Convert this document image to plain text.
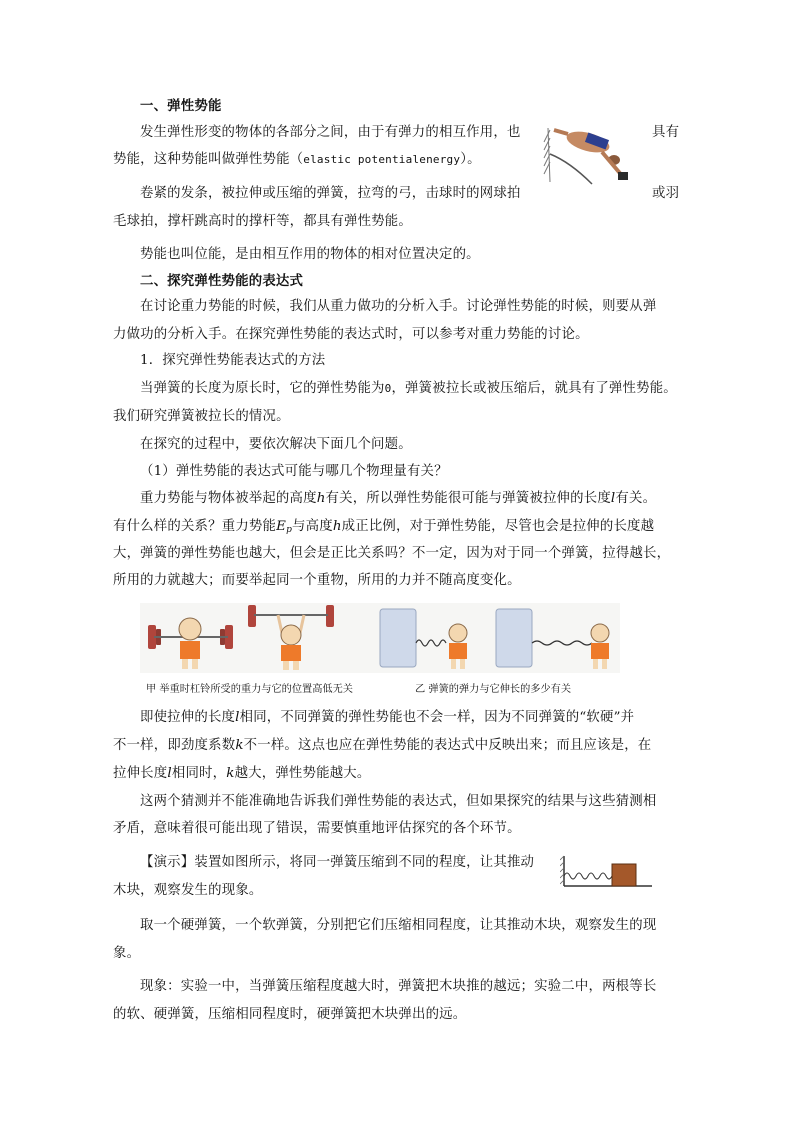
一、弹性势能
发生弹性形变的物体的各部分之间，由于有弹力的相互作用，也	具有
势能，这种势能叫做弹性势能（elastic potentialenergy）。
卷紧的发条，被拉伸或压缩的弹簧，拉弯的弓，击球时的网球拍	或羽
毛球拍，撑杆跳高时的撑杆等，都具有弹性势能。
势能也叫位能，是由相互作用的物体的相对位置决定的。
二、探究弹性势能的表达式
在讨论重力势能的时候，我们从重力做功的分析入手。讨论弹性势能的时候，则要从弹
力做功的分析入手。在探究弹性势能的表达式时，可以参考对重力势能的讨论。
1．探究弹性势能表达式的方法
当弹簧的长度为原长时，它的弹性势能为0，弹簧被拉长或被压缩后，就具有了弹性势能。
我们研究弹簧被拉长的情况。
在探究的过程中，要依次解决下面几个问题。
（1）弹性势能的表达式可能与哪几个物理量有关？
重力势能与物体被举起的高度h有关，所以弹性势能很可能与弹簧被拉伸的长度l有关。
有什么样的关系？重力势能$E_p$与高度h成正比例，对于弹性势能，尽管也会是拉伸的长度越
大，弹簧的弹性势能也越大，但会是正比关系吗？不一定，因为对于同一个弹簧，拉得越长，
所用的力就越大；而要举起同一个重物，所用的力并不随高度变化。
甲 举重时杠铃所受的重力与它的位置高低无关	乙 弹簧的弹力与它伸长的多少有关
即使拉伸的长度l相同，不同弹簧的弹性势能也不会一样，因为不同弹簧的“软硬”并
不一样，即劲度系数k不一样。这点也应在弹性势能的表达式中反映出来；而且应该是，在
拉伸长度l相同时，k越大，弹性势能越大。
这两个猜测并不能准确地告诉我们弹性势能的表达式，但如果探究的结果与这些猜测相
矛盾，意味着很可能出现了错误，需要慎重地评估探究的各个环节。
【演示】装置如图所示，将同一弹簧压缩到不同的程度，让其推动
木块，观察发生的现象。
取一个硬弹簧，一个软弹簧，分别把它们压缩相同程度，让其推动木块，观察发生的现
象。
现象：实验一中，当弹簧压缩程度越大时，弹簧把木块推的越远；实验二中，两根等长
的软、硬弹簧，压缩相同程度时，硬弹簧把木块弹出的远。
